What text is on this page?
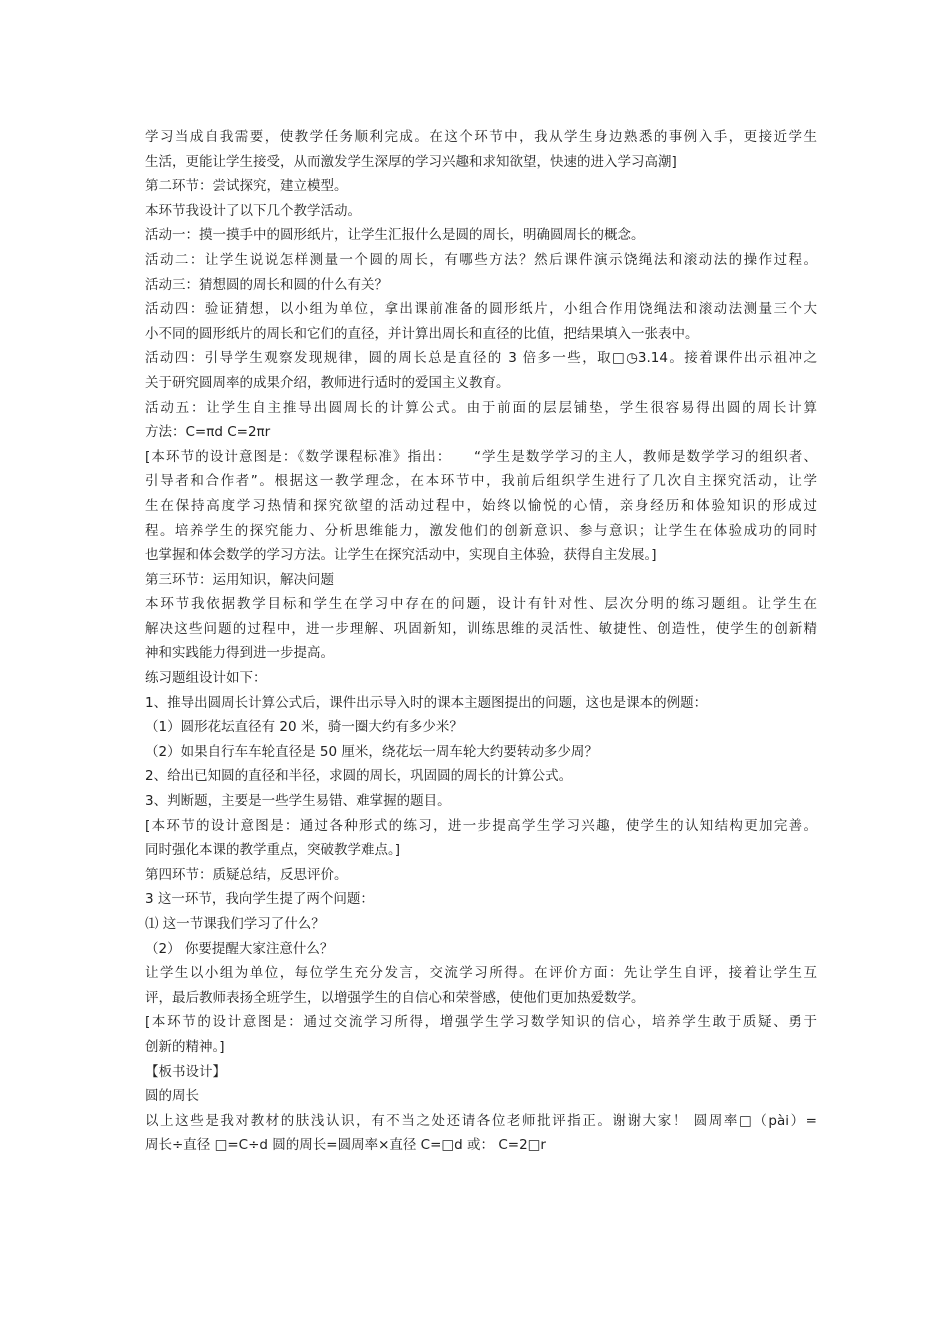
学习当成自我需要，使教学任务顺利完成。在这个环节中，我从学生身边熟悉的事例入手，更接近学生
生活，更能让学生接受，从而激发学生深厚的学习兴趣和求知欲望，快速的进入学习高潮]
第二环节：尝试探究，建立模型。
本环节我设计了以下几个教学活动。
活动一：摸一摸手中的圆形纸片，让学生汇报什么是圆的周长，明确圆周长的概念。
活动二：让学生说说怎样测量一个圆的周长，有哪些方法？然后课件演示饶绳法和滚动法的操作过程。
活动三：猜想圆的周长和圆的什么有关？
活动四：验证猜想，以小组为单位，拿出课前准备的圆形纸片，小组合作用饶绳法和滚动法测量三个大
小不同的圆形纸片的周长和它们的直径，并计算出周长和直径的比值，把结果填入一张表中。
活动四：引导学生观察发现规律，圆的周长总是直径的 3 倍多一些，取□◷3.14。接着课件出示祖冲之
关于研究圆周率的成果介绍，教师进行适时的爱国主义教育。
活动五：让学生自主推导出圆周长的计算公式。由于前面的层层铺垫，学生很容易得出圆的周长计算
方法：C=πd C=2πr
[本环节的设计意图是：《数学课程标准》指出：　　“学生是数学学习的主人，教师是数学学习的组织者、
引导者和合作者”。根据这一教学理念，在本环节中，我前后组织学生进行了几次自主探究活动，让学
生在保持高度学习热情和探究欲望的活动过程中，始终以愉悦的心情，亲身经历和体验知识的形成过
程。培养学生的探究能力、分析思维能力，激发他们的创新意识、参与意识；让学生在体验成功的同时
也掌握和体会数学的学习方法。让学生在探究活动中，实现自主体验，获得自主发展。]
第三环节：运用知识，解决问题
本环节我依据教学目标和学生在学习中存在的问题，设计有针对性、层次分明的练习题组。让学生在
解决这些问题的过程中，进一步理解、巩固新知，训练思维的灵活性、敏捷性、创造性，使学生的创新精
神和实践能力得到进一步提高。
练习题组设计如下：
1、推导出圆周长计算公式后，课件出示导入时的课本主题图提出的问题，这也是课本的例题：
（1）圆形花坛直径有 20 米，骑一圈大约有多少米？
（2）如果自行车车轮直径是 50 厘米，绕花坛一周车轮大约要转动多少周？
2、给出已知圆的直径和半径，求圆的周长，巩固圆的周长的计算公式。
3、判断题，主要是一些学生易错、难掌握的题目。
[本环节的设计意图是：通过各种形式的练习，进一步提高学生学习兴趣，使学生的认知结构更加完善。
同时强化本课的教学重点，突破教学难点。]
第四环节：质疑总结，反思评价。
3 这一环节，我向学生提了两个问题：
⑴ 这一节课我们学习了什么？
（2） 你要提醒大家注意什么？
让学生以小组为单位，每位学生充分发言，交流学习所得。在评价方面：先让学生自评，接着让学生互
评，最后教师表扬全班学生，以增强学生的自信心和荣誉感，使他们更加热爱数学。
[本环节的设计意图是：通过交流学习所得，增强学生学习数学知识的信心，培养学生敢于质疑、勇于
创新的精神。]
【板书设计】
圆的周长
以上这些是我对教材的肤浅认识，有不当之处还请各位老师批评指正。谢谢大家！ 圆周率□（pài）=
周长÷直径 □=C÷d 圆的周长=圆周率×直径 C=□d 或： C=2□r
